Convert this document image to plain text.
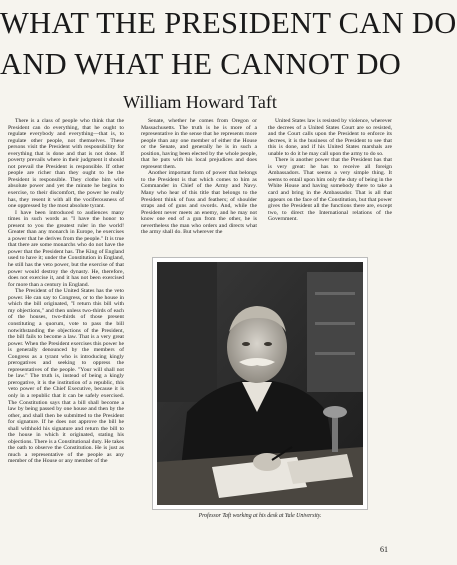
WHAT THE PRESIDENT CAN DO
AND WHAT HE CANNOT DO
William Howard Taft

There is a class of people who think that the President can do everything, that he ought to regulate everybody and everything—that is, to regulate other people, not themselves. These persons visit the President with responsibility for everything that is done and that is not done. If poverty prevails where in their judgment it should not prevail the President is responsible. If other people are richer than they ought to be the President is responsible. They clothe him with absolute power and yet the minute he begins to exercise, to their discomfort, the power he really has, they resent it with all the vociferousness of one oppressed by the most absolute tyrant.

I have been introduced to audiences many times in such words as "I have the honor to present to you the greatest ruler in the world! Greater than any monarch in Europe, he exercises a power that he derives from the people." It is true that there are some monarchs who do not have the power that the President has. The King of England used to have it; under the Constitution in England, he still has the veto power, but the exercise of that power would destroy the dynasty. He, therefore, does not exercise it, and it has not been exercised for more than a century in England.

The President of the United States has the veto power. He can say to Congress, or to the house in which the bill originated, "I return this bill with my objections," and then unless two-thirds of each of the houses, two-thirds of those present constituting a quorum, vote to pass the bill notwithstanding the objections of the President, the bill fails to become a law. That is a very great power. When the President exercises this power he is generally denounced by the members of Congress as a tyrant who is introducing kingly prerogatives and seeking to oppress the representatives of the people. "Your will shall not be law." The truth is, instead of being a kingly prerogative, it is the institution of a republic, this veto power of the Chief Executive, because it is only in a republic that it can be safely exercised. The Constitution says that a bill shall become a law by being passed by one house and then by the other, and shall then be submitted to the President for signature. If he does not approve the bill he shall withhold his signature and return the bill to the house in which it originated, stating his objections. There is a Constitutional duty. He takes the oath to observe the Constitution. He is just as much a representative of the people as any member of the House or any member of the

Senate, whether he comes from Oregon or Massachusetts. The truth is he is more of a representative in the sense that he represents more people than any one member of either the House or the Senate, and generally he is in such a position, having been elected by the whole people, that he puts with his local prejudices and does represent them.

Another important form of power that belongs to the President is that which comes to him as Commander in Chief of the Army and Navy. Many who hear of this title that belongs to the President think of fuss and feathers; of shoulder straps and of guns and swords. And, while the President never meets an enemy, and he may not know one end of a gun from the other, he is nevertheless the man who orders and directs what the army shall do. But wherever the

United States law is resisted by violence, wherever the decrees of a United States Court are so resisted, and the Court calls upon the President to enforce its decrees, it is the business of the President to see that this is done, and if his United States marshals are unable to do it he may call upon the army to do so.

There is another power that the President has that is very great: he has to receive all foreign Ambassadors. That seems a very simple thing. It seems to entail upon him only the duty of being in the White House and having somebody there to take a card and bring in the Ambassador. That is all that appears on the face of the Constitution, but that power gives the President all the functions there are, except two, to direct the International relations of the Government.

Professor Taft working at his desk at Yale University.
61
